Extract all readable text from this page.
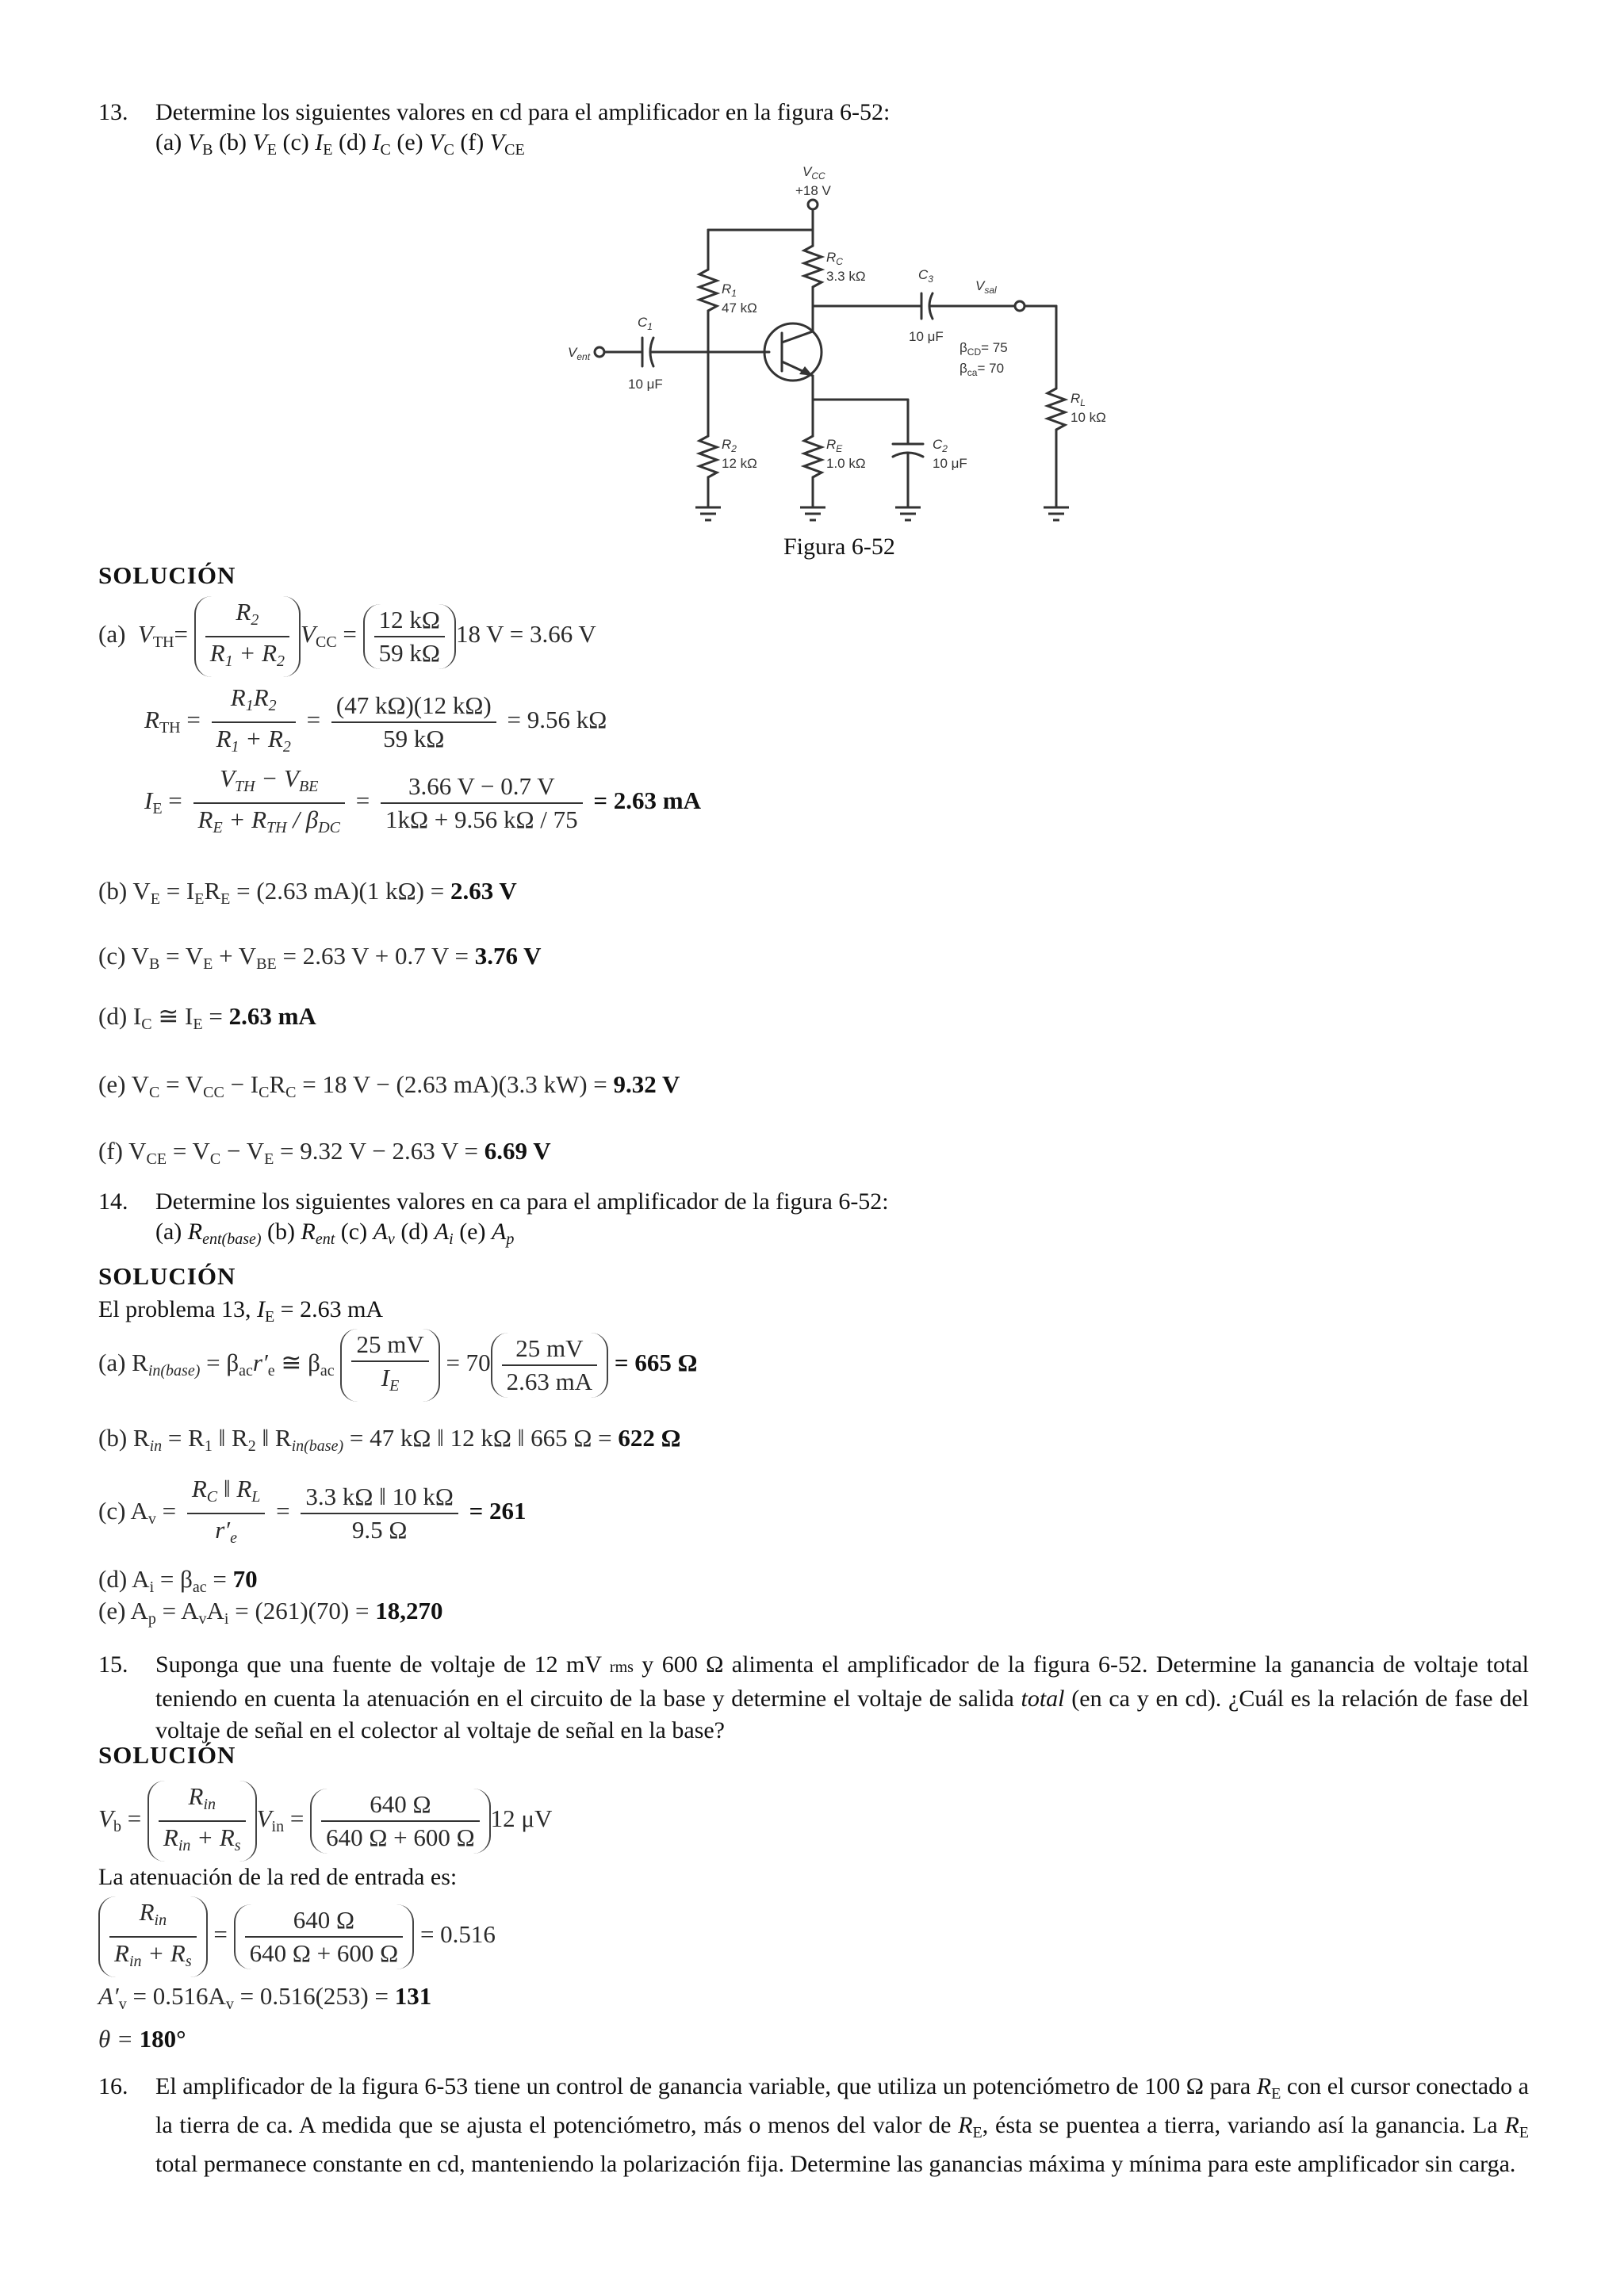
13. Determine los siguientes valores en cd para el amplificador en la figura 6-52:
(a) $V_B$ (b) $V_E$ (c) $I_E$ (d) $I_C$ (e) $V_C$ (f) $V_{CE}$
$V_{CC}$
+18 V
$R_1$
47 kΩ
$R_C$
3.3 kΩ	$C_3$
10 μF
$V_{sal}$
$C_1$
10 μF
$V_{ent}$
$\beta_{CD}= 75$
$\beta_{ca}= 70$
$R_L$
10 kΩ
$R_2$
12 kΩ
$R_E$
1.0 kΩ
$C_2$
10 μF
Figura 6-52
SOLUCIÓN
(a) $V_{TH}= \frac{R_2}{R_1 + R_2} V_{CC} = \frac{12 k\Omega}{59 k\Omega} 18$ V = 3.66 V
$R_{TH} = \frac{R_1R_2}{R_1 + R_2} = \frac{(47 k\Omega)(12 k\Omega)}{59 k\Omega} = 9.56$ kΩ
$I_E = \frac{V_{TH} - V_{BE}}{R_E + R_{TH} / \beta_{DC}} = \frac{3.66 V - 0.7 V}{1k\Omega + 9.56 k\Omega / 75} = 2.63$ mA
(b) $V_E = I_ER_E = (2.63$ mA)(1 kΩ) = 2.63 V
(c) $V_B = V_E + V_{BE} = 2.63$ V + 0.7 V = 3.76 V
(d) $I_C$ ≅ $I_E = 2.63$ mA
(e) $V_C = V_{CC} - I_CR_C = 18$ V − (2.63 mA)(3.3 kW) = 9.32 V
(f) $V_{CE} = V_C - V_E = 9.32$ V − 2.63 V = 6.69 V
14. Determine los siguientes valores en ca para el amplificador de la figura 6-52:
(a) $R_{ent(base)}$ (b) $R_{ent}$ (c) $A_v$ (d) $A_i$ (e) $A_p$
SOLUCIÓN
El problema 13, $I_E = 2.63$ mA
(a) $R_{in(base)} = \beta_{ac}r'_e$ ≅ $\beta_{ac} \frac{25 mV}{I_E} = 70 \frac{25 mV}{2.63 mA} = 665$ Ω
(b) $R_{in} = R_1$ ‖ $R_2$ ‖ $R_{in(base)} = 47$ kΩ ‖ 12 kΩ ‖ 665 Ω = 622 Ω
(c) $A_v = \frac{R_C ‖ R_L}{r'_e} = \frac{3.3 k\Omega ‖ 10 k\Omega}{9.5 \Omega} = 261$
(d) $A_i = \beta_{ac} = 70$
(e) $A_p = A_vA_i = (261)(70) = 18,270$
15. Suponga que una fuente de voltaje de 12 mV rms y 600 Ω alimenta el amplificador de la figura 6-52. Determine la ganancia de voltaje total teniendo en cuenta la atenuación en el circuito de la base y determine el voltaje de salida total (en ca y en cd). ¿Cuál es la relación de fase del voltaje de señal en el colector al voltaje de señal en la base?
SOLUCIÓN
$V_b = \frac{R_{in}}{R_{in} + R_s} V_{in} = \frac{640 \Omega}{640 \Omega + 600 \Omega} 12$ μV
La atenuación de la red de entrada es:
$\frac{R_{in}}{R_{in} + R_s} = \frac{640 \Omega}{640 \Omega + 600 \Omega} = 0.516$
$A'_v = 0.516A_v = 0.516(253) = 131$
θ = 180°
16. El amplificador de la figura 6-53 tiene un control de ganancia variable, que utiliza un potenciómetro de 100 Ω para $R_E$ con el cursor conectado a la tierra de ca. A medida que se ajusta el potenciómetro, más o menos del valor de $R_E$, ésta se puentea a tierra, variando así la ganancia. La $R_E$ total permanece constante en cd, manteniendo la polarización fija. Determine las ganancias máxima y mínima para este amplificador sin carga.
